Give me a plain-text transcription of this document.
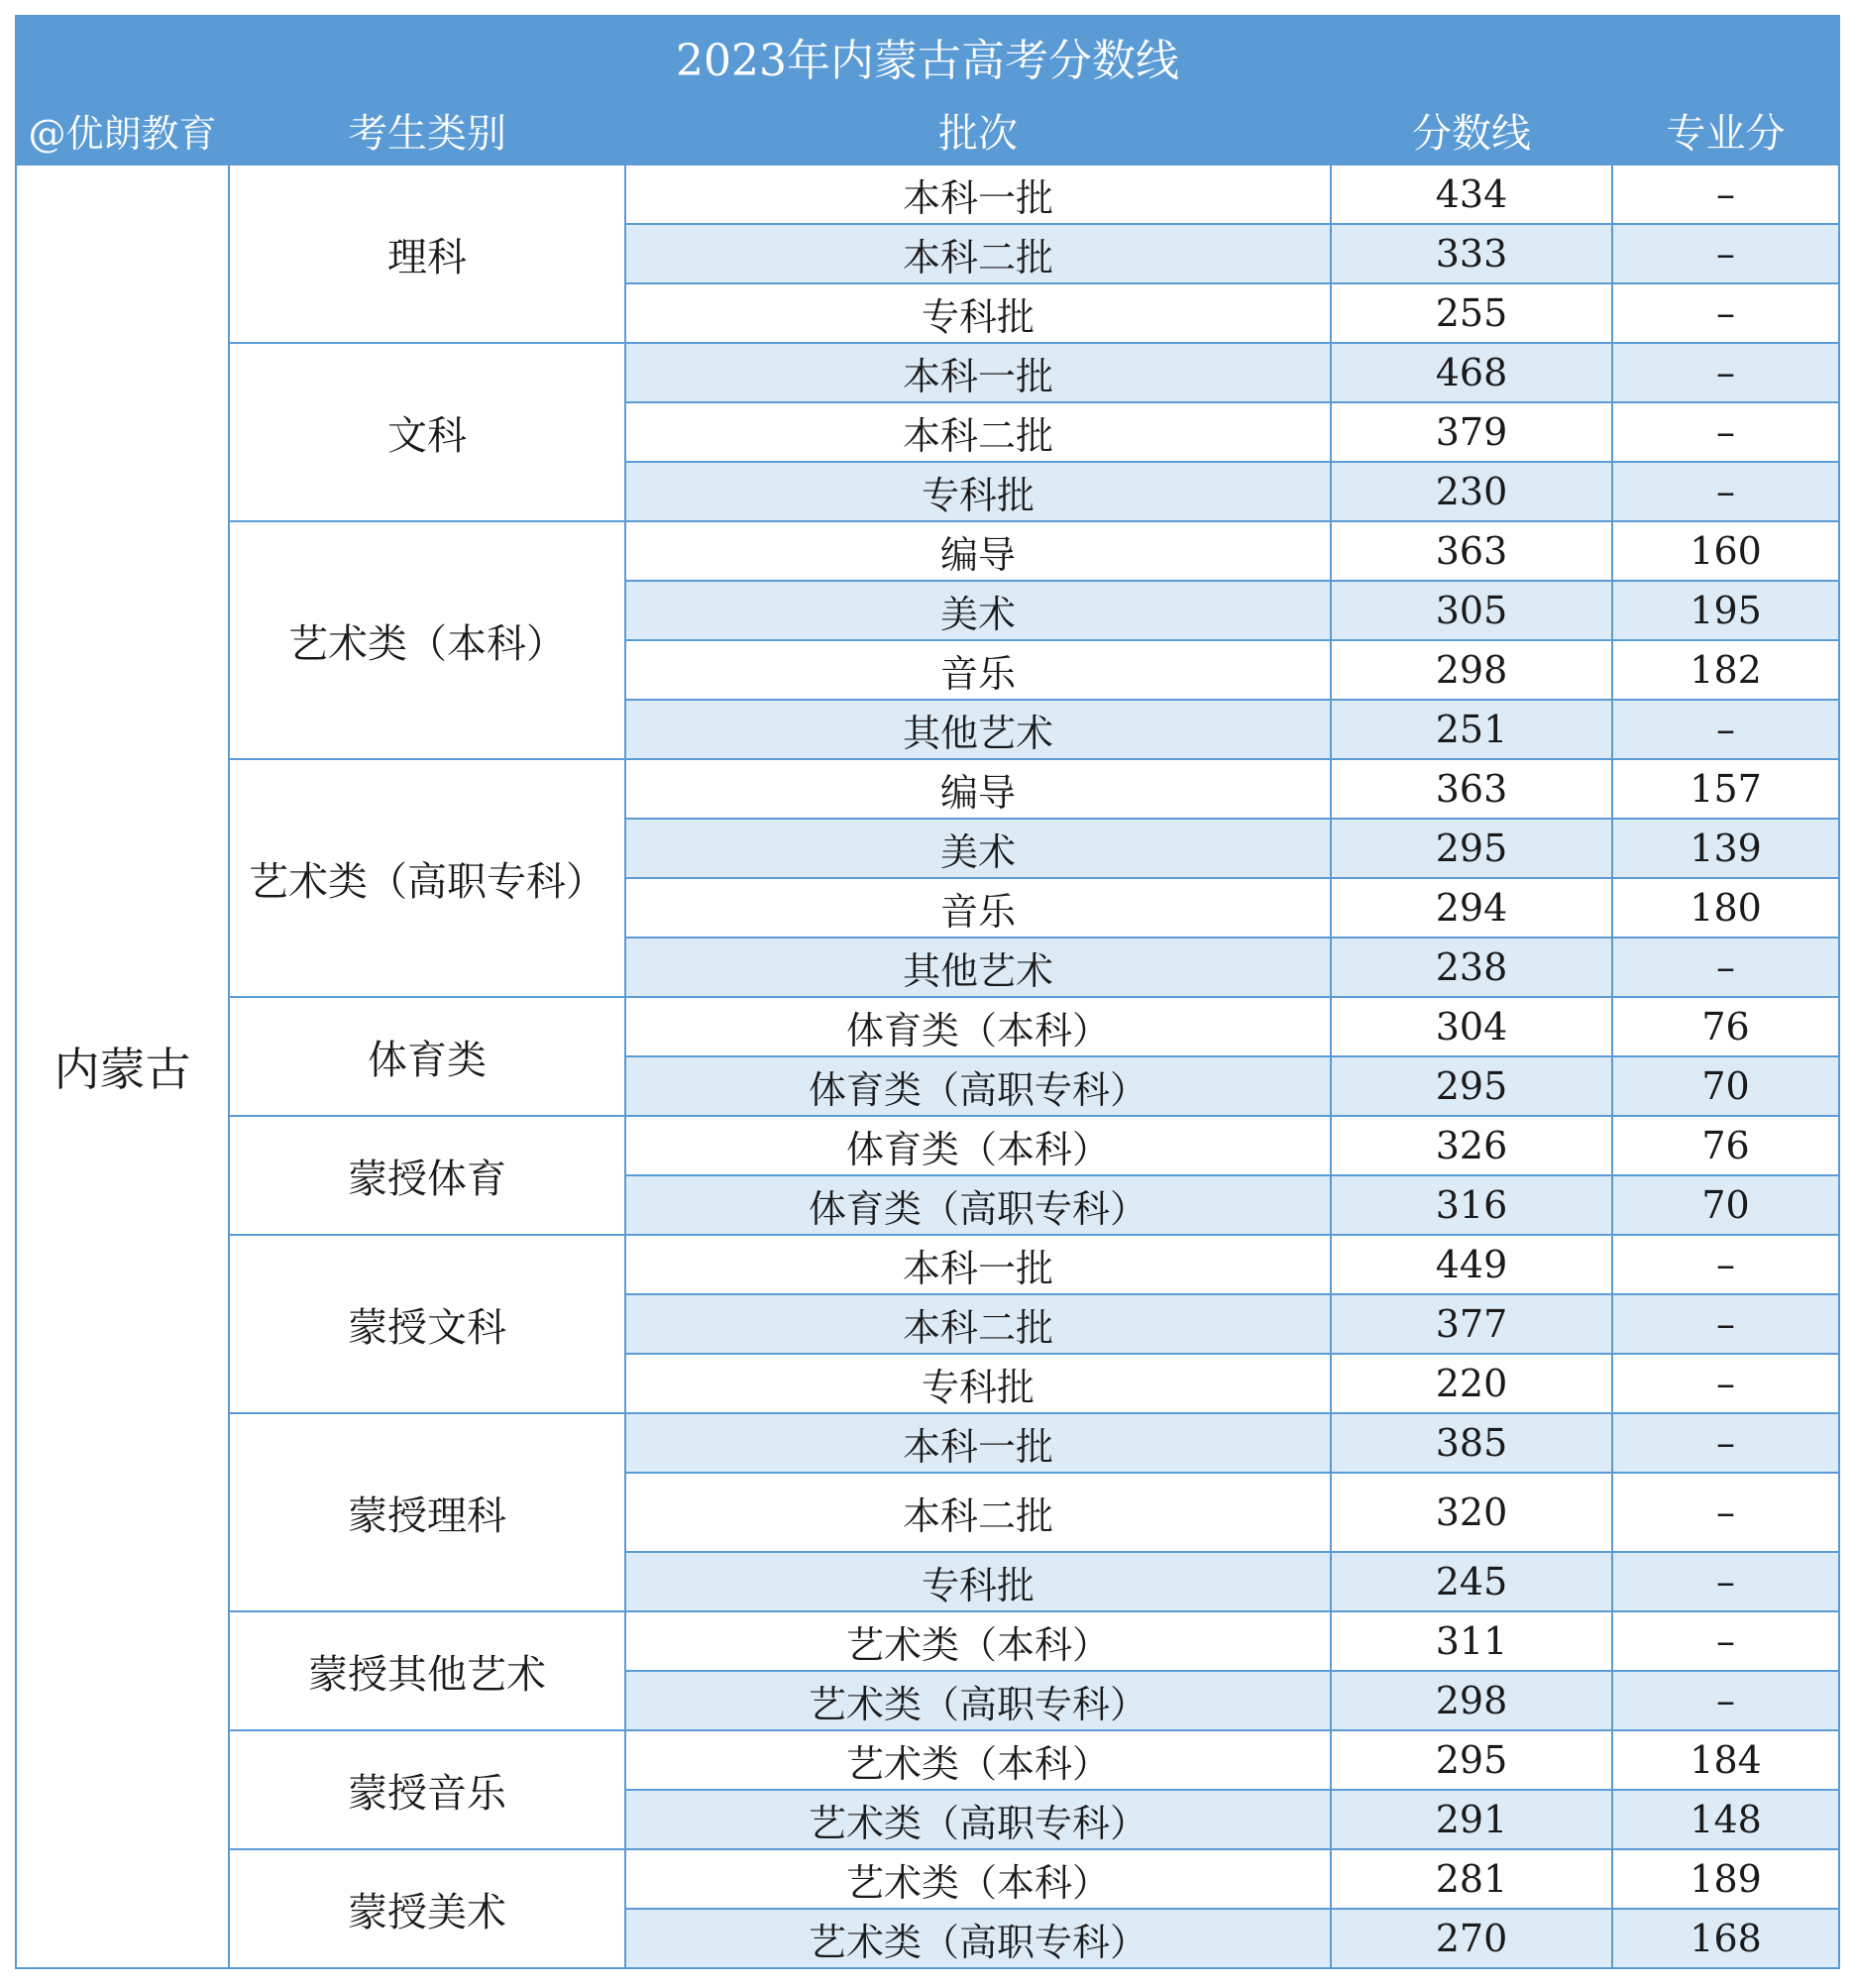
2023年内蒙古高考分数线				
@优朗教育	考生类别	批次	分数线	专业分
内蒙古	理科	本科一批	434	–
		本科二批	333	–
		专科批	255	–
	文科	本科一批	468	–
		本科二批	379	–
		专科批	230	–
	艺术类（本科）	编导	363	160
		美术	305	195
		音乐	298	182
		其他艺术	251	–
	艺术类（高职专科）	编导	363	157
		美术	295	139
		音乐	294	180
		其他艺术	238	–
	体育类	体育类（本科）	304	76
		体育类（高职专科）	295	70
	蒙授体育	体育类（本科）	326	76
		体育类（高职专科）	316	70
	蒙授文科	本科一批	449	–
		本科二批	377	–
		专科批	220	–
	蒙授理科	本科一批	385	–
		本科二批	320	–
		专科批	245	–
	蒙授其他艺术	艺术类（本科）	311	–
		艺术类（高职专科）	298	–
	蒙授音乐	艺术类（本科）	295	184
		艺术类（高职专科）	291	148
	蒙授美术	艺术类（本科）	281	189
		艺术类（高职专科）	270	168
